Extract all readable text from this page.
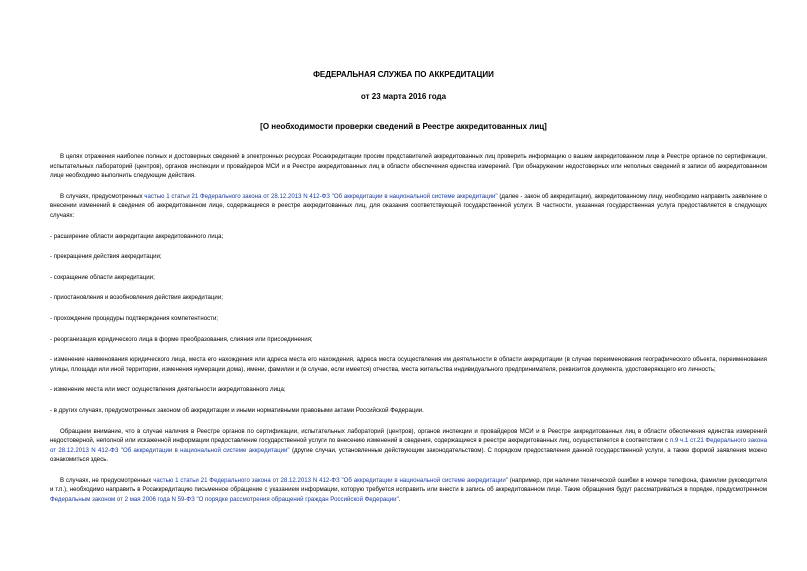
ФЕДЕРАЛЬНАЯ СЛУЖБА ПО АККРЕДИТАЦИИ
от 23 марта 2016 года
[О необходимости проверки сведений в Реестре аккредитованных лиц]

В целях отражения наиболее полных и достоверных сведений в электронных ресурсах Росаккредитации просим представителей аккредитованных лиц проверить информацию о вашем аккредитованном лице в Реестре органов по сертификации, испытательных лабораторий (центров), органов инспекции и провайдеров МСИ и в Реестре аккредитованных лиц в области обеспечения единства измерений. При обнаружении недостоверных или неполных сведений в записи об аккредитованном лице необходимо выполнить следующие действия.

В случаях, предусмотренных частью 1 статьи 21 Федерального закона от 28.12.2013 N 412-ФЗ "Об аккредитации в национальной системе аккредитации" (далее - закон об аккредитации), аккредитованному лицу, необходимо направить заявление о внесении изменений в сведения об аккредитованном лице, содержащиеся в реестре аккредитованных лиц, для оказания соответствующей государственной услуги. В частности, указанная государственная услуга предоставляется в следующих случаях:

- расширение области аккредитации аккредитованного лица;

- прекращения действия аккредитации;

- сокращение области аккредитации;

- приостановления и возобновления действия аккредитации;

- прохождение процедуры подтверждения компетентности;

- реорганизация юридического лица в форме преобразования, слияния или присоединения;

- изменение наименования юридического лица, места его нахождения или адреса места его нахождения, адреса места осуществления им деятельности в области аккредитации (в случае переименования географического объекта, переименования улицы, площади или иной территории, изменения нумерации дома), имени, фамилии и (в случае, если имеется) отчества, места жительства индивидуального предпринимателя, реквизитов документа, удостоверяющего его личность;

- изменение места или мест осуществления деятельности аккредитованного лица;

- в других случаях, предусмотренных законом об аккредитации и иными нормативными правовыми актами Российской Федерации.

Обращаем внимание, что в случае наличия в Реестре органов по сертификации, испытательных лабораторий (центров), органов инспекции и провайдеров МСИ и в Реестре аккредитованных лиц в области обеспечения единства измерений недостоверной, неполной или искаженной информации предоставление государственной услуги по внесению изменений в сведения, содержащиеся в реестре аккредитованных лиц, осуществляется в соответствии с п.9 ч.1 ст.21 Федерального закона от 28.12.2013 N 412-ФЗ "Об аккредитации в национальной системе аккредитации" (другие случаи, установленные действующим законодательством). С порядком предоставления данной государственной услуги, а также формой заявления можно ознакомиться здесь.

В случаях, не предусмотренных частью 1 статьи 21 Федерального закона от 28.12.2013 N 412-ФЗ "Об аккредитации в национальной системе аккредитации" (например, при наличии технической ошибки в номере телефона, фамилии руководителя и т.п.), необходимо направить в Росаккредитацию письменное обращение с указанием информации, которую требуется исправить или внести в запись об аккредитованном лице. Такие обращения будут рассматриваться в порядке, предусмотренном Федеральным законом от 2 мая 2006 года N 59-ФЗ "О порядке рассмотрения обращений граждан Российской Федерации".
